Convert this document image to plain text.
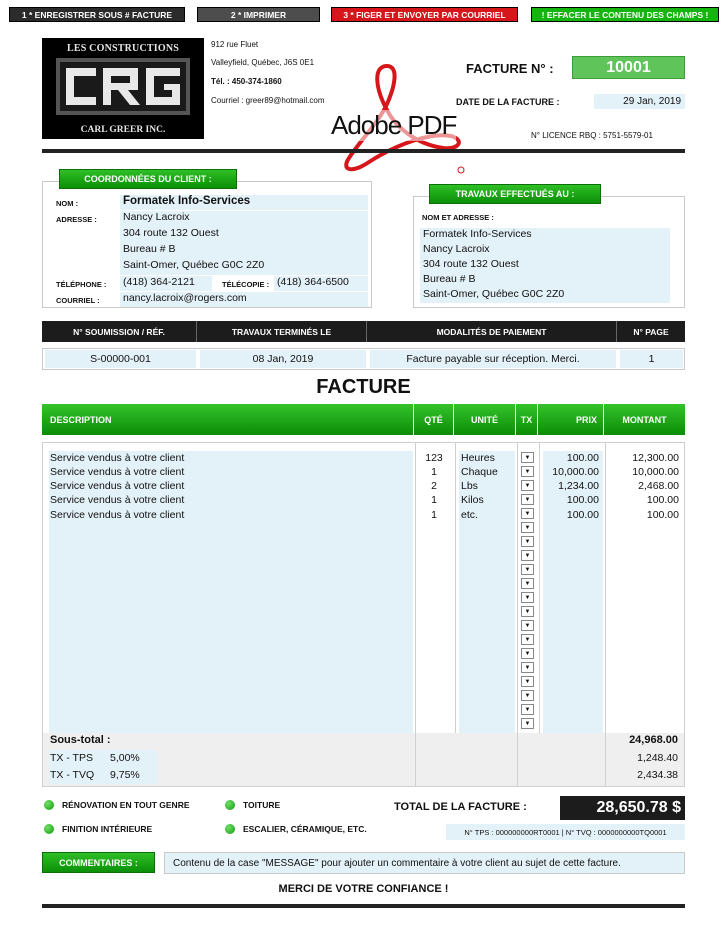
1 * ENREGISTRER SOUS # FACTURE	2 * IMPRIMER	3 * FIGER ET ENVOYER PAR COURRIEL	! EFFACER LE CONTENU DES CHAMPS !
LES CONSTRUCTIONS
CARL GREER INC.
912 rue Fluet
Valleyfield, Québec, J6S 0E1
Tél. : 450-374-1860
Courriel : greer89@hotmail.com
Adobe PDF
FACTURE N° :	10001
DATE DE LA FACTURE :	29 Jan, 2019
N° LICENCE RBQ : 5751-5579-01
COORDONNÉES DU CLIENT :
NOM :	Formatek Info-Services
ADRESSE : Nancy Lacroix
304 route 132 Ouest
Bureau # B
Saint-Omer, Québec G0C 2Z0
TÉLÉPHONE : (418) 364-2121	TÉLÉCOPIE : (418) 364-6500
COURRIEL : nancy.lacroix@rogers.com
TRAVAUX EFFECTUÉS AU :
NOM ET ADRESSE :
Formatek Info-Services
Nancy Lacroix
304 route 132 Ouest
Bureau # B
Saint-Omer, Québec G0C 2Z0
N° SOUMISSION / RÉF.	TRAVAUX TERMINÉS LE	MODALITÉS DE PAIEMENT	N° PAGE
S-00000-001	08 Jan, 2019	Facture payable sur réception. Merci.	1
FACTURE
DESCRIPTION	QTÉ	UNITÉ	TX	PRIX	MONTANT
Service vendus à votre client	123	Heures	100.00	12,300.00
Service vendus à votre client	1	Chaque	10,000.00	10,000.00
Service vendus à votre client	2	Lbs	1,234.00	2,468.00
Service vendus à votre client	1	Kilos	100.00	100.00
Service vendus à votre client	1	etc.	100.00	100.00
▼
▼
▼
▼
▼
▼
▼
▼
▼
▼
▼
▼
▼
▼
▼
▼
▼
▼
▼
▼
Sous-total :	24,968.00
TX - TPS 5,00%	1,248.40
TX - TVQ 9,75%	2,434.38
RÉNOVATION EN TOUT GENRE	TOITURE
FINITION INTÉRIEURE	ESCALIER, CÉRAMIQUE, ETC.
TOTAL DE LA FACTURE :	28,650.78 $
N° TPS : 000000000RT0001 | N° TVQ : 0000000000TQ0001
COMMENTAIRES :	Contenu de la case "MESSAGE" pour ajouter un commentaire à votre client au sujet de cette facture.
MERCI DE VOTRE CONFIANCE !
